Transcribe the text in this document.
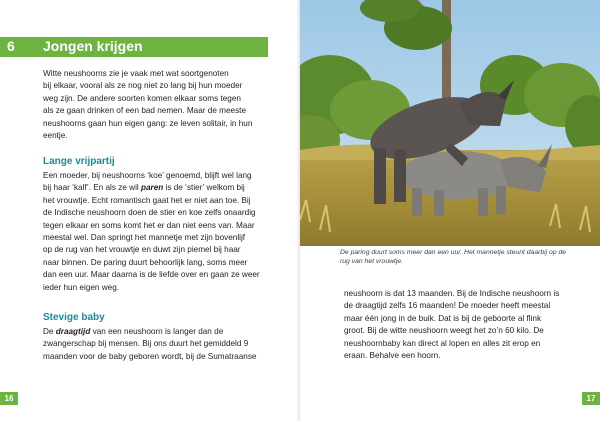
6 Jongen krijgen
Witte neushoorns zie je vaak met wat soortgenoten
bij elkaar, vooral als ze nog niet zo lang bij hun moeder
weg zijn. De andere soorten komen elkaar soms tegen
als ze gaan drinken of een bad nemen. Maar de meeste
neushoorns gaan hun eigen gang: ze leven solitair, in hun
eentje.
Lange vrijpartij
Een moeder, bij neushoorns ‘koe’ genoemd, blijft wel lang
bij haar ‘kalf’. En als ze wil paren is de ‘stier’ welkom bij
het vrouwtje. Echt romantisch gaat het er niet aan toe. Bij
de Indische neushoorn doen de stier en koe zelfs onaardig
tegen elkaar en soms komt het er dan niet eens van. Maar
meestal wel. Dan springt het mannetje met zijn bovenlijf
op de rug van het vrouwtje en duwt zijn piemel bij haar
naar binnen. De paring duurt behoorlijk lang, soms meer
dan een uur. Maar daarna is de liefde over en gaan ze weer
ieder hun eigen weg.
Stevige baby
De draagtijd van een neushoorn is langer dan de
zwangerschap bij mensen. Bij ons duurt het gemiddeld 9
maanden voor de baby geboren wordt, bij de Sumatraanse
16
De paring duurt soms meer dan een uur. Het mannetje steunt daarbij op de
rug van het vrouwtje.
neushoorn is dat 13 maanden. Bij de Indische neushoorn is
de draagtijd zelfs 16 maanden! De moeder heeft meestal
maar één jong in de buik. Dat is bij de geboorte al flink
groot. Bij de witte neushoorn weegt het zo’n 60 kilo. De
neushoornbaby kan direct al lopen en alles zit erop en
eraan. Behalve een hoorn.
17
